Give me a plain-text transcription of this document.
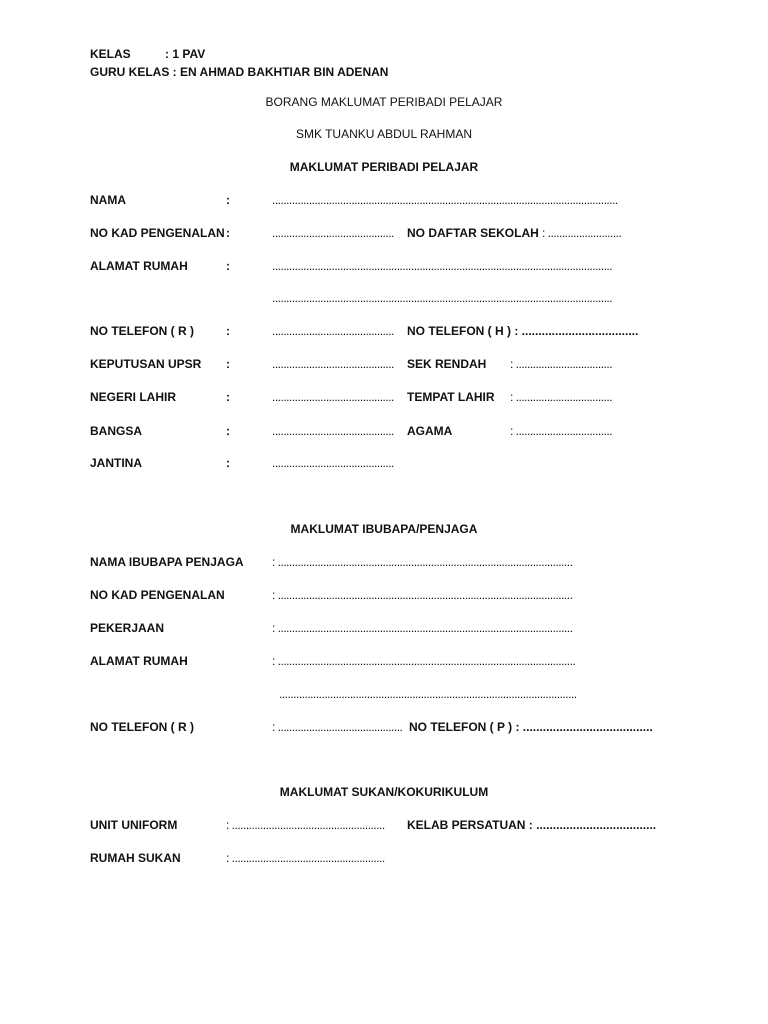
KELAS	: 1 PAV
GURU KELAS : EN AHMAD BAKHTIAR BIN ADENAN
BORANG MAKLUMAT PERIBADI PELAJAR
SMK TUANKU ABDUL RAHMAN
MAKLUMAT PERIBADI PELAJAR
NAMA	:	..........................................................................................................................
NO KAD PENGENALAN :	........................................... NO DAFTAR SEKOLAH : ..........................
ALAMAT RUMAH	:	........................................................................................................................
........................................................................................................................
NO TELEFON ( R )	:	........................................... NO TELEFON ( H ) : ...................................
KEPUTUSAN UPSR :	........................................... SEK RENDAH : ..................................
NEGERI LAHIR	:	........................................... TEMPAT LAHIR : ..................................
BANGSA	:	........................................... AGAMA	: ..................................
JANTINA	:	...........................................
MAKLUMAT IBUBAPA/PENJAGA
NAMA IBUBAPA PENJAGA : ........................................................................................................
NO KAD PENGENALAN	: ........................................................................................................
PEKERJAAN	: ........................................................................................................
ALAMAT RUMAH	: .........................................................................................................
.........................................................................................................
NO TELEFON ( R )	: ............................................ NO TELEFON ( P ) : .......................................
MAKLUMAT SUKAN/KOKURIKULUM
UNIT UNIFORM	: ...................................................... KELAB PERSATUAN : ....................................
RUMAH SUKAN	: ......................................................
